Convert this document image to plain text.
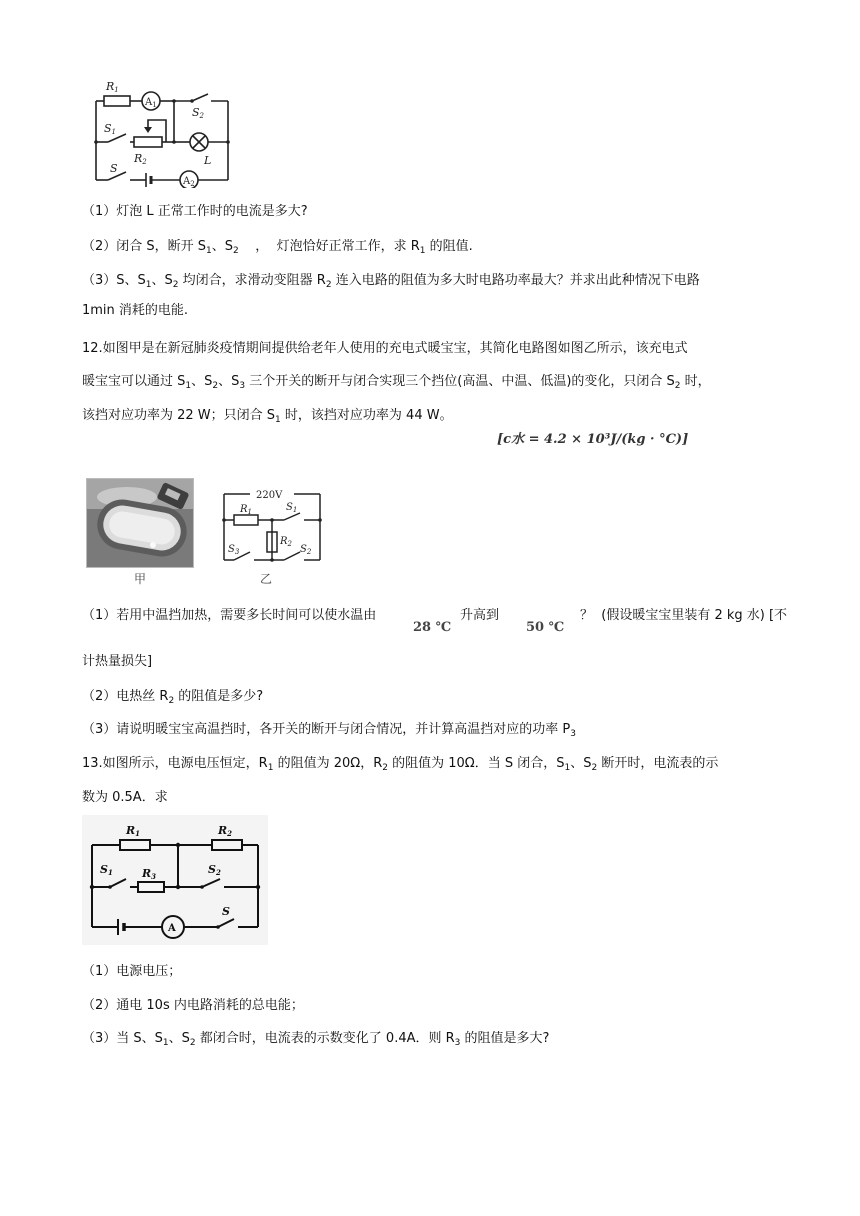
R1
$A_1$
S2
S1
R2	L
S
$A_2$
（1）灯泡 L 正常工作时的电流是多大?
（2）闭合 S，断开 $S_1$、$S_2$    ，  灯泡恰好正常工作，求 $R_1$ 的阻值.
（3）S、$S_1$、$S_2$ 均闭合，求滑动变阻器 $R_2$ 连入电路的阻值为多大时电路功率最大？并求出此种情况下电路
1min 消耗的电能.
12.如图甲是在新冠肺炎疫情期间提供给老年人使用的充电式暖宝宝，其简化电路图如图乙所示，该充电式
暖宝宝可以通过 $S_1$、$S_2$、$S_3$ 三个开关的断开与闭合实现三个挡位(高温、中温、低温)的变化，只闭合 $S_2$ 时，
该挡对应功率为 22 W；只闭合 $S_1$ 时，该挡对应功率为 44 W。
[c水 = 4.2 × 10³J/(kg · °C)]
甲
220V
$R_1$	$S_1$
$R_2$ $S_2$
$S_3$
乙
（1）若用中温挡加热，需要多长时间可以使水温由
28 ℃
升高到
50 ℃
？  (假设暖宝宝里装有 2 kg 水) [不
计热量损失]
（2）电热丝 $R_2$ 的阻值是多少?
（3）请说明暖宝宝高温挡时，各开关的断开与闭合情况，并计算高温挡对应的功率 $P_3$
13.如图所示，电源电压恒定，$R_1$ 的阻值为 20Ω，$R_2$ 的阻值为 10Ω．当 S 闭合，$S_1$、$S_2$ 断开时，电流表的示
数为 0.5A．求
R1	R2
S1	R3
S2
A
S
（1）电源电压；
（2）通电 10s 内电路消耗的总电能；
（3）当 S、$S_1$、$S_2$ 都闭合时，电流表的示数变化了 0.4A．则 $R_3$ 的阻值是多大?
